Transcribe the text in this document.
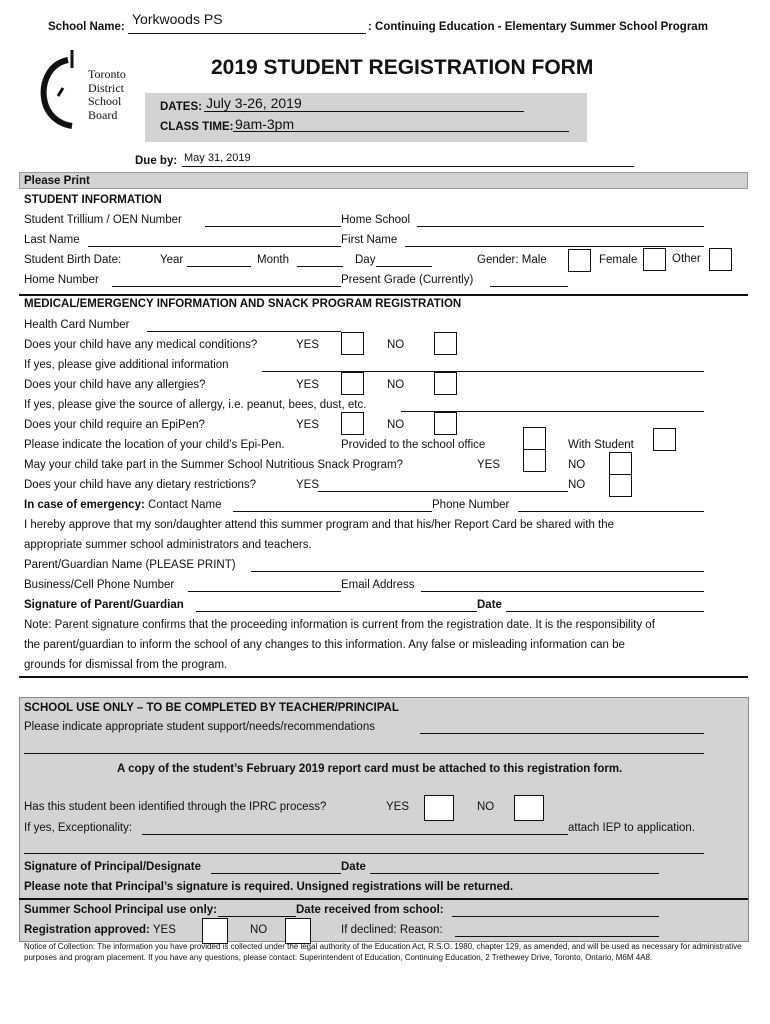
School Name: Yorkwoods PS	: Continuing Education - Elementary Summer School Program
Toronto
District
School
Board
2019 STUDENT REGISTRATION FORM
DATES: July 3-26, 2019
CLASS TIME: 9am-3pm
Due by: May 31, 2019
Please Print
STUDENT INFORMATION
Student Trillium / OEN Number	Home School
Last Name	First Name
Student Birth Date:	Year	Month	Day	Gender: Male	Female	Other
Home Number	Present Grade (Currently)
MEDICAL/EMERGENCY INFORMATION AND SNACK PROGRAM REGISTRATION
Health Card Number
Does your child have any medical conditions?	YES	NO
If yes, please give additional information
Does your child have any allergies?	YES	NO
If yes, please give the source of allergy, i.e. peanut, bees, dust, etc.
Does your child require an EpiPen?	YES	NO
Please indicate the location of your child’s Epi-Pen.	Provided to the school office	With Student
May your child take part in the Summer School Nutritious Snack Program?	YES	NO
Does your child have any dietary restrictions?	YES	NO
In case of emergency: Contact Name	Phone Number
I hereby approve that my son/daughter attend this summer program and that his/her Report Card be shared with the
appropriate summer school administrators and teachers.
Parent/Guardian Name (PLEASE PRINT)
Business/Cell Phone Number	Email Address
Signature of Parent/Guardian	Date
Note: Parent signature confirms that the proceeding information is current from the registration date. It is the responsibility of
the parent/guardian to inform the school of any changes to this information. Any false or misleading information can be
grounds for dismissal from the program.
SCHOOL USE ONLY – TO BE COMPLETED BY TEACHER/PRINCIPAL
Please indicate appropriate student support/needs/recommendations
A copy of the student’s February 2019 report card must be attached to this registration form.
Has this student been identified through the IPRC process?	YES	NO
If yes, Exceptionality:	attach IEP to application.
Signature of Principal/Designate	Date
Please note that Principal’s signature is required. Unsigned registrations will be returned.
Summer School Principal use only:	Date received from school:
Registration approved: YES	NO	If declined: Reason:
Notice of Collection: The information you have provided is collected under the legal authority of the Education Act, R.S.O. 1980, chapter 129, as amended, and will be used as necessary for administrative purposes and program placement. If you have any questions, please contact: Superintendent of Education, Continuing Education, 2 Trethewey Drive, Toronto, Ontario, M6M 4A8.
